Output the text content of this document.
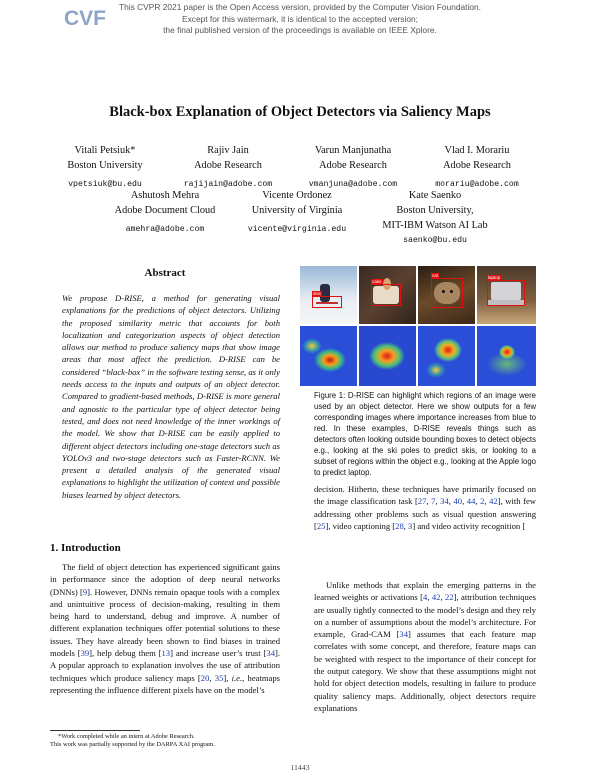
CVF	This CVPR 2021 paper is the Open Access version, provided by the Computer Vision Foundation.
Except for this watermark, it is identical to the accepted version;
the final published version of the proceedings is available on IEEE Xplore.
Black-box Explanation of Object Detectors via Saliency Maps
Vitali Petsiuk*
Boston University
vpetsiuk@bu.edu
Rajiv Jain
Adobe Research
rajijain@adobe.com
Varun Manjunatha
Adobe Research
vmanjuna@adobe.com
Vlad I. Morariu
Adobe Research
morariu@adobe.com
Ashutosh Mehra
Adobe Document Cloud
amehra@adobe.com
Vicente Ordonez
University of Virginia
vicente@virginia.edu
Kate Saenko
Boston University,
MIT-IBM Watson AI Lab
saenko@bu.edu
Abstract
We propose D-RISE, a method for generating visual explanations for the predictions of object detectors. Utilizing the proposed similarity metric that accounts for both localization and categorization aspects of object detection allows our method to produce saliency maps that show image areas that most affect the prediction. D-RISE can be considered “black-box” in the software testing sense, as it only needs access to the inputs and outputs of an object detector. Compared to gradient-based methods, D-RISE is more general and agnostic to the particular type of object detector being tested, and does not need knowledge of the inner workings of the model. We show that D-RISE can be easily applied to different object detectors including one-stage detectors such as YOLOv3 and two-stage detectors such as Faster-RCNN. We present a detailed analysis of the generated visual explanations to highlight the utilization of context and possible biases learned by object detectors.
1. Introduction
The field of object detection has experienced significant gains in performance since the adoption of deep neural networks (DNNs) [9]. However, DNNs remain opaque tools with a complex and unintuitive process of decision-making, resulting in them being hard to understand, debug and improve. A number of different explanation techniques offer potential solutions to these issues. They have already been shown to find biases in trained models [39], help debug them [13] and increase user’s trust [34]. A popular approach to explanation involves the use of attribution techniques which produce saliency maps [20, 35], i.e., heatmaps representing the influence different pixels have on the model’s
*Work completed while an intern at Adobe Research.
This work was partially supported by the DARPA XAI program.
skis
cake
cat	laptop
Figure 1: D-RISE can highlight which regions of an image were used by an object detector. Here we show outputs for a few corresponding images where importance increases from blue to red. In these examples, D-RISE reveals things such as detectors often looking outside bounding boxes to detect objects e.g., looking at the ski poles to predict skis, or looking to a subset of regions within the object e.g., looking at the Apple logo to predict laptop.
decision. Hitherto, these techniques have primarily focused on the image classification task [27, 7, 34, 40, 44, 2, 42], with few addressing other problems such as visual question answering [25], video captioning [28, 3] and video activity recognition [
Unlike methods that explain the emerging patterns in the learned weights or activations [4, 42, 22], attribution techniques are usually tightly connected to the model’s design and they rely on a number of assumptions about the model’s architecture. For example, Grad-CAM [34] assumes that each feature map correlates with some concept, and therefore, feature maps can be weighted with respect to the importance of their concept for the output category. We show that these assumptions might not hold for object detection models, resulting in failure to produce quality saliency maps. Additionally, object detectors require explanations
11443
